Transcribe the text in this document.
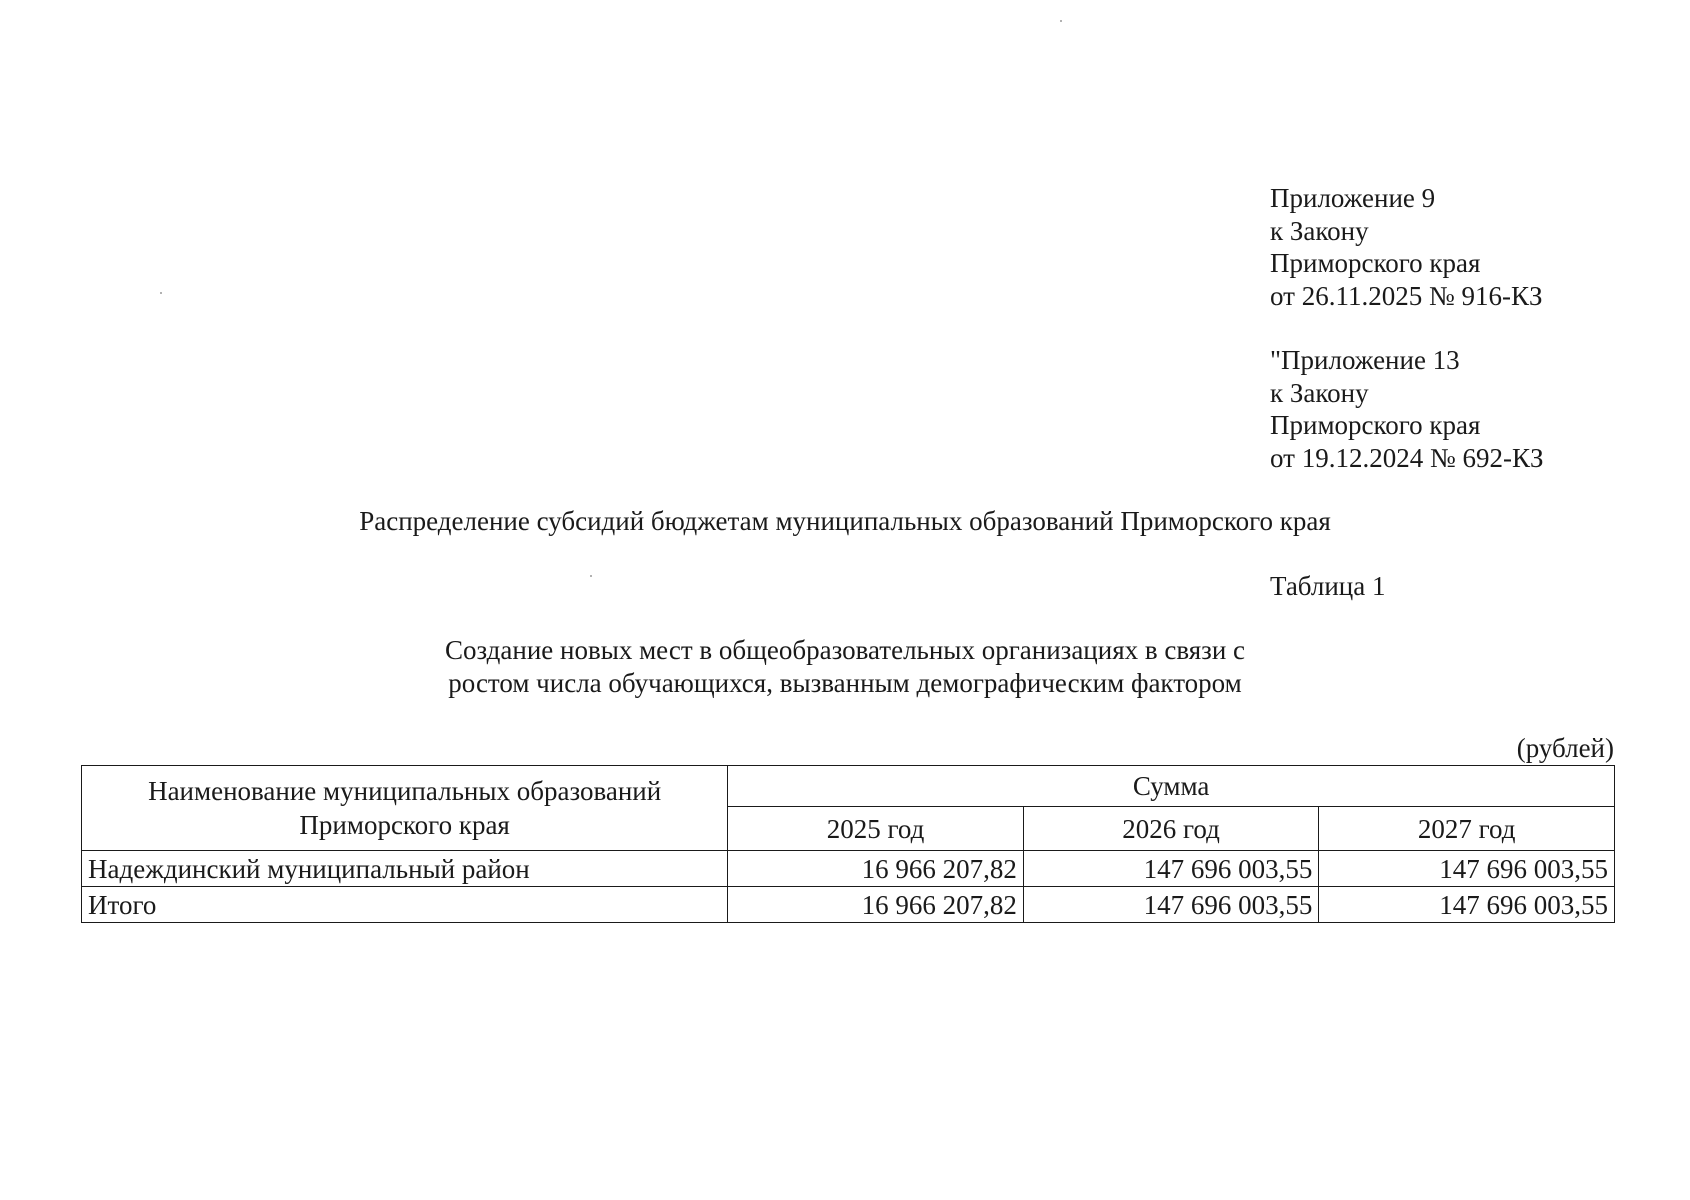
Приложение 9
к Закону
Приморского края
от 26.11.2025 № 916-КЗ
"Приложение 13
к Закону
Приморского края
от 19.12.2024 № 692-КЗ
Распределение субсидий бюджетам муниципальных образований Приморского края
Таблица 1
Создание новых мест в общеобразовательных организациях в связи с
ростом числа обучающихся, вызванным демографическим фактором
(рублей)
Наименование муниципальных образований
Приморского края	Сумма		
	2025 год	2026 год	2027 год
Надеждинский муниципальный район	16 966 207,82	147 696 003,55	147 696 003,55
Итого	16 966 207,82	147 696 003,55	147 696 003,55
